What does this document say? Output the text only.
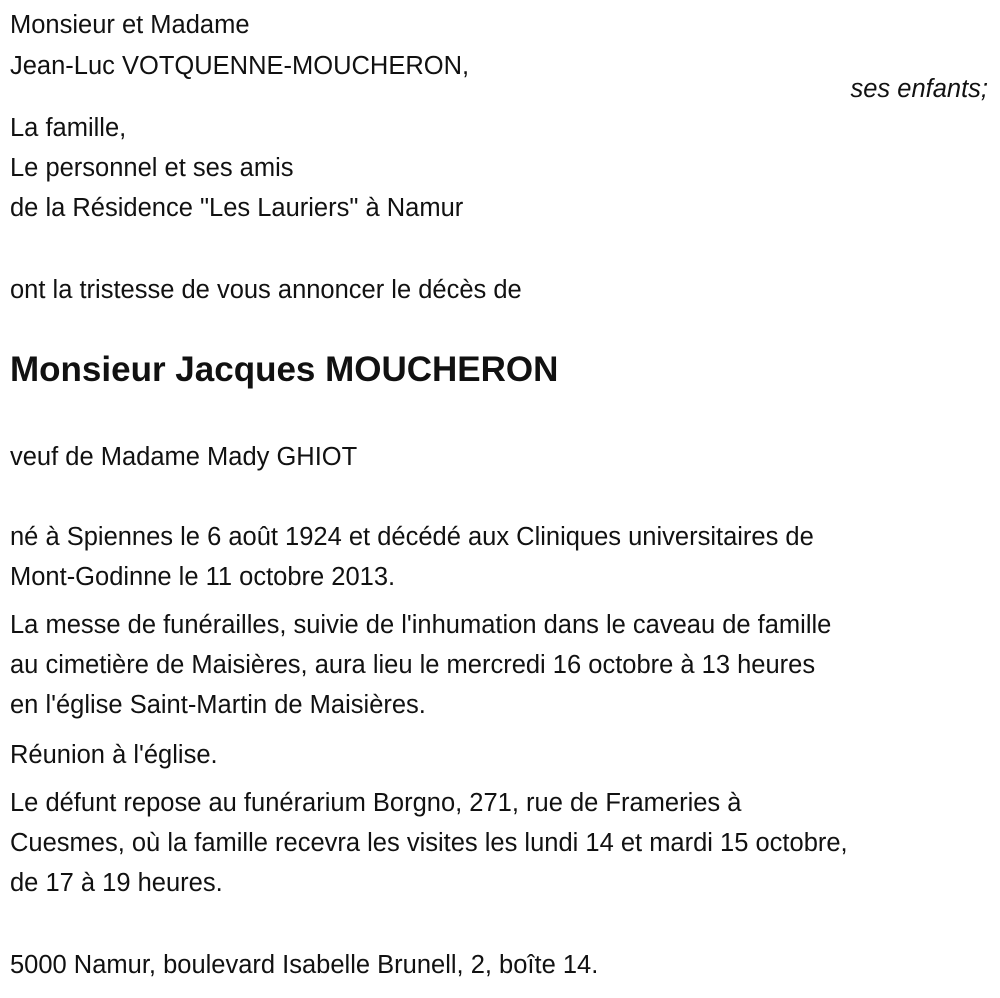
Monsieur et Madame
Jean-Luc VOTQUENNE-MOUCHERON,
ses enfants;
La famille,
Le personnel et ses amis
de la Résidence "Les Lauriers" à Namur
ont la tristesse de vous annoncer le décès de
Monsieur Jacques MOUCHERON
veuf de Madame Mady GHIOT
né à Spiennes le 6 août 1924 et décédé aux Cliniques universitaires de
Mont-Godinne le 11 octobre 2013.
La messe de funérailles, suivie de l'inhumation dans le caveau de famille
au cimetière de Maisières, aura lieu le mercredi 16 octobre à 13 heures
en l'église Saint-Martin de Maisières.
Réunion à l'église.
Le défunt repose au funérarium Borgno, 271, rue de Frameries à
Cuesmes, où la famille recevra les visites les lundi 14 et mardi 15 octobre,
de 17 à 19 heures.
5000 Namur, boulevard Isabelle Brunell, 2, boîte 14.
